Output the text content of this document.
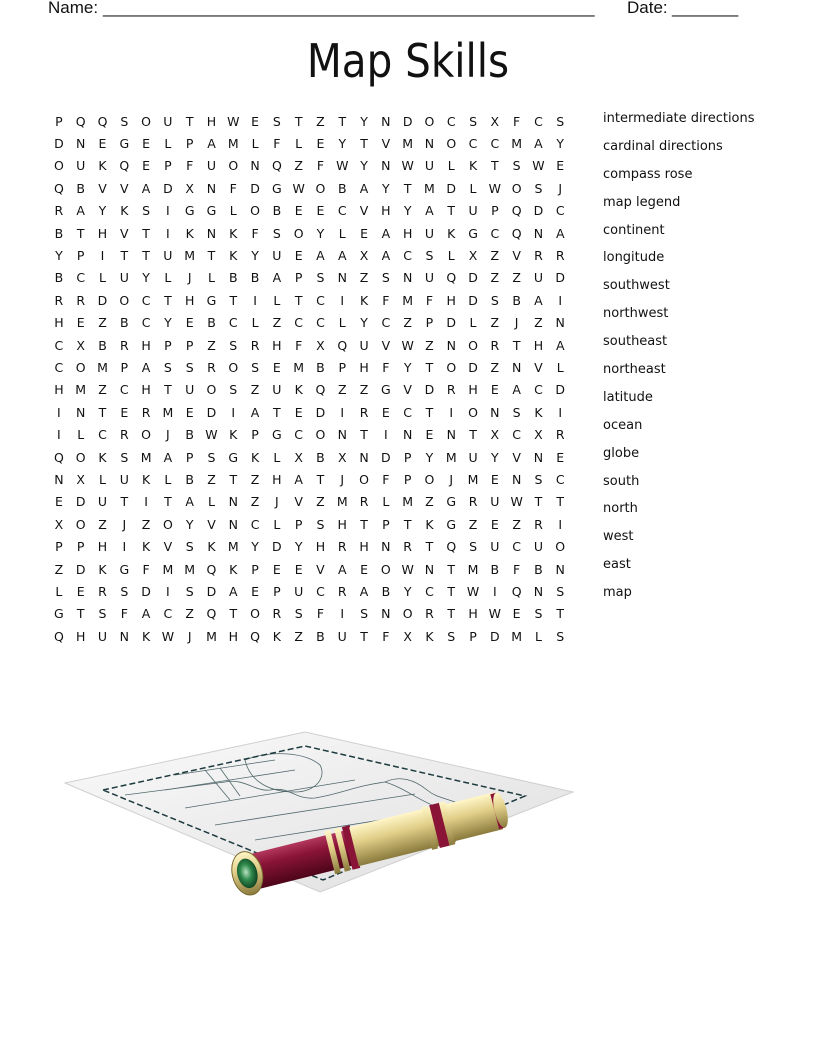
Name: ____________________________________________________ Date: _______
Map Skills
P	Q Q	S	O U	T	H W E	S	T	Z	T	Y	N D O	C	S	X	F	C	S
D N	E	G	E	L	P	A M	L	F	L	E	Y	T	V M N O	C	C M A	Y
O U	K	Q	E	P	F	U O N Q	Z	F W Y	N W U	L	K	T	S W E
Q	B	V	V	A	D	X	N	F	D G W O	B	A	Y	T	M D	L W O	S	J
R	A	Y	K	S	I	G G	L	O	B	E	E	C	V	H	Y	A	T	U	P	Q D	C
B	T	H	V	T	I	K	N	K	F	S	O	Y	L	E	A	H	U	K	G	C	Q N	A
Y	P	I	T	T	U M	T	K	Y	U	E	A	A	X	A	C	S	L	X	Z	V	R	R
B	C	L	U	Y	L	J	L	B	B	A	P	S	N	Z	S	N	U Q D	Z	Z	U D
R	R	D O	C	T	H G	T	I	L	T	C	I	K	F	M	F	H D	S	B	A	I
H	E	Z	B	C	Y	E	B	C	L	Z	C	C	L	Y	C	Z	P	D	L	Z	J	Z	N
C	X	B	R	H	P	P	Z	S	R	H	F	X	Q U	V W Z	N O	R	T	H	A
C	O M	P	A	S	S	R	O	S	E M B	P	H	F	Y	T	O D	Z	N	V	L
H M Z	C	H	T	U O	S	Z	U	K	Q	Z	Z	G	V	D	R	H	E	A	C	D
I	N	T	E	R M E	D	I	A	T	E	D	I	R	E	C	T	I	O N	S	K	I
I	L	C	R	O	J	B W K	P	G	C	O N	T	I	N	E	N	T	X	C	X	R
Q O	K	S M A	P	S	G	K	L	X	B	X	N D	P	Y	M U	Y	V	N	E
N	X	L	U	K	L	B	Z	T	Z	H	A	T	J	O	F	P	O	J	M E	N	S	C
E	D U	T	I	T	A	L	N	Z	J	V	Z M R	L	M Z	G	R	U W T	T
X	O	Z	J	Z	O	Y	V	N	C	L	P	S	H	T	P	T	K	G	Z	E	Z	R	I
P	P	H	I	K	V	S	K M	Y	D	Y	H	R	H N	R	T	Q	S	U	C	U O
Z	D	K	G	F	M M Q	K	P	E	E	V	A	E	O W N	T	M B	F	B	N
L	E	R	S	D	I	S	D	A	E	P	U	C	R	A	B	Y	C	T W	I	Q N	S
G	T	S	F	A	C	Z	Q	T	O	R	S	F	I	S	N O	R	T	H W E	S	T
Q H	U	N	K W	J	M H Q	K	Z	B	U	T	F	X	K	S	P	D M	L	S
intermediate directions
cardinal directions
compass rose
map legend
continent
longitude
southwest
northwest
southeast
northeast
latitude
ocean
globe
south
north
west
east
map
